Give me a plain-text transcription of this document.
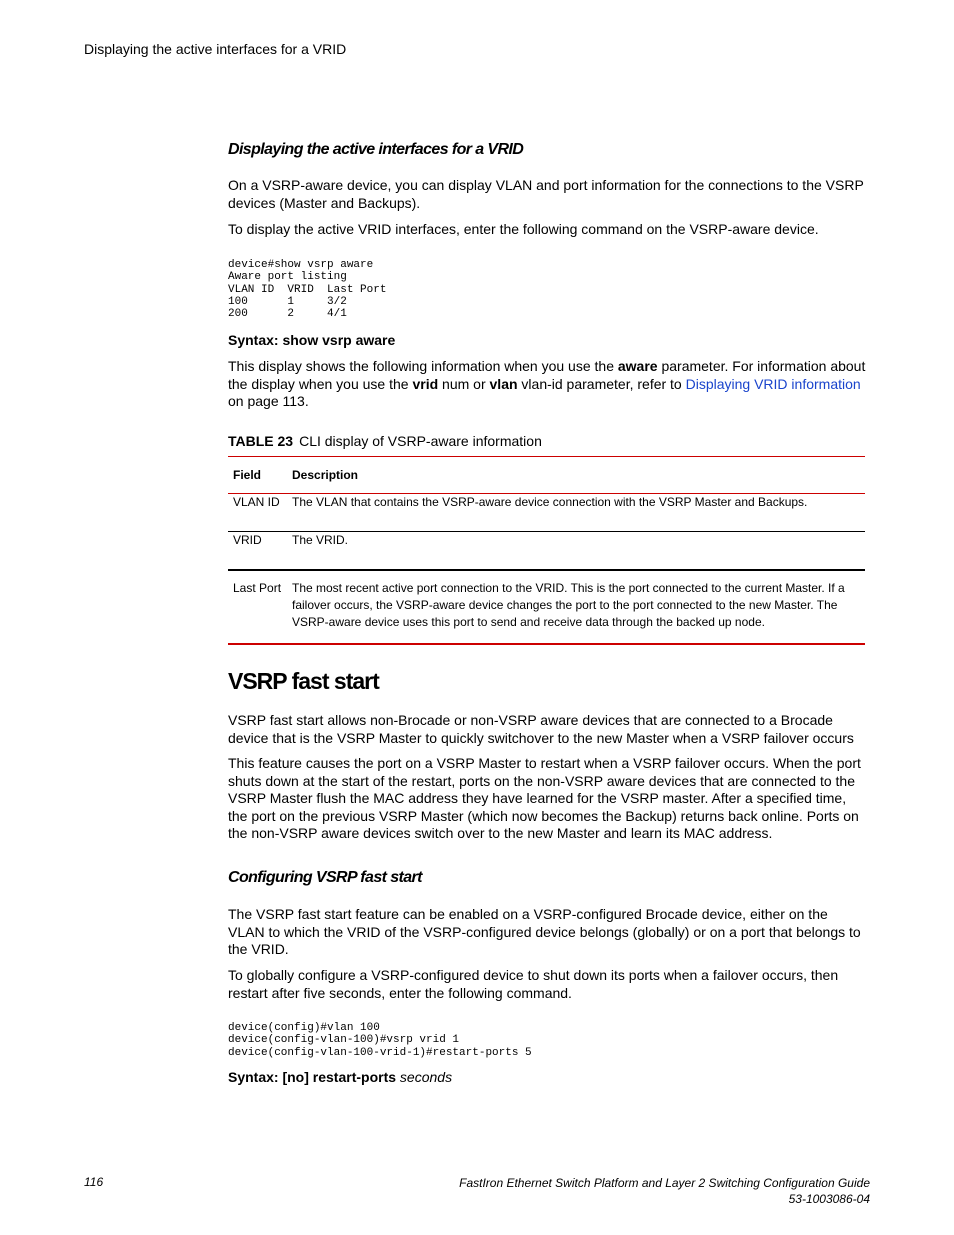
Displaying the active interfaces for a VRID
Displaying the active interfaces for a VRID
On a VSRP-aware device, you can display VLAN and port information for the connections to the VSRP devices (Master and Backups).
To display the active VRID interfaces, enter the following command on the VSRP-aware device.
device#show vsrp aware
Aware port listing
VLAN ID  VRID  Last Port
100      1     3/2
200      2     4/1
Syntax: show vsrp aware
This display shows the following information when you use the aware parameter. For information about the display when you use the vrid num or vlan vlan-id parameter, refer to Displaying VRID information on page 113.
TABLE 23 CLI display of VSRP-aware information
Field	Description
VLAN ID	The VLAN that contains the VSRP-aware device connection with the VSRP Master and Backups.
VRID	The VRID.
Last Port	The most recent active port connection to the VRID. This is the port connected to the current Master. If a failover occurs, the VSRP-aware device changes the port to the port connected to the new Master. The VSRP-aware device uses this port to send and receive data through the backed up node.
VSRP fast start
VSRP fast start allows non-Brocade or non-VSRP aware devices that are connected to a Brocade device that is the VSRP Master to quickly switchover to the new Master when a VSRP failover occurs
This feature causes the port on a VSRP Master to restart when a VSRP failover occurs. When the port shuts down at the start of the restart, ports on the non-VSRP aware devices that are connected to the VSRP Master flush the MAC address they have learned for the VSRP master. After a specified time, the port on the previous VSRP Master (which now becomes the Backup) returns back online. Ports on the non-VSRP aware devices switch over to the new Master and learn its MAC address.
Configuring VSRP fast start
The VSRP fast start feature can be enabled on a VSRP-configured Brocade device, either on the VLAN to which the VRID of the VSRP-configured device belongs (globally) or on a port that belongs to the VRID.
To globally configure a VSRP-configured device to shut down its ports when a failover occurs, then restart after five seconds, enter the following command.
device(config)#vlan 100
device(config-vlan-100)#vsrp vrid 1
device(config-vlan-100-vrid-1)#restart-ports 5
Syntax: [no] restart-ports seconds
116	FastIron Ethernet Switch Platform and Layer 2 Switching Configuration Guide
53-1003086-04
